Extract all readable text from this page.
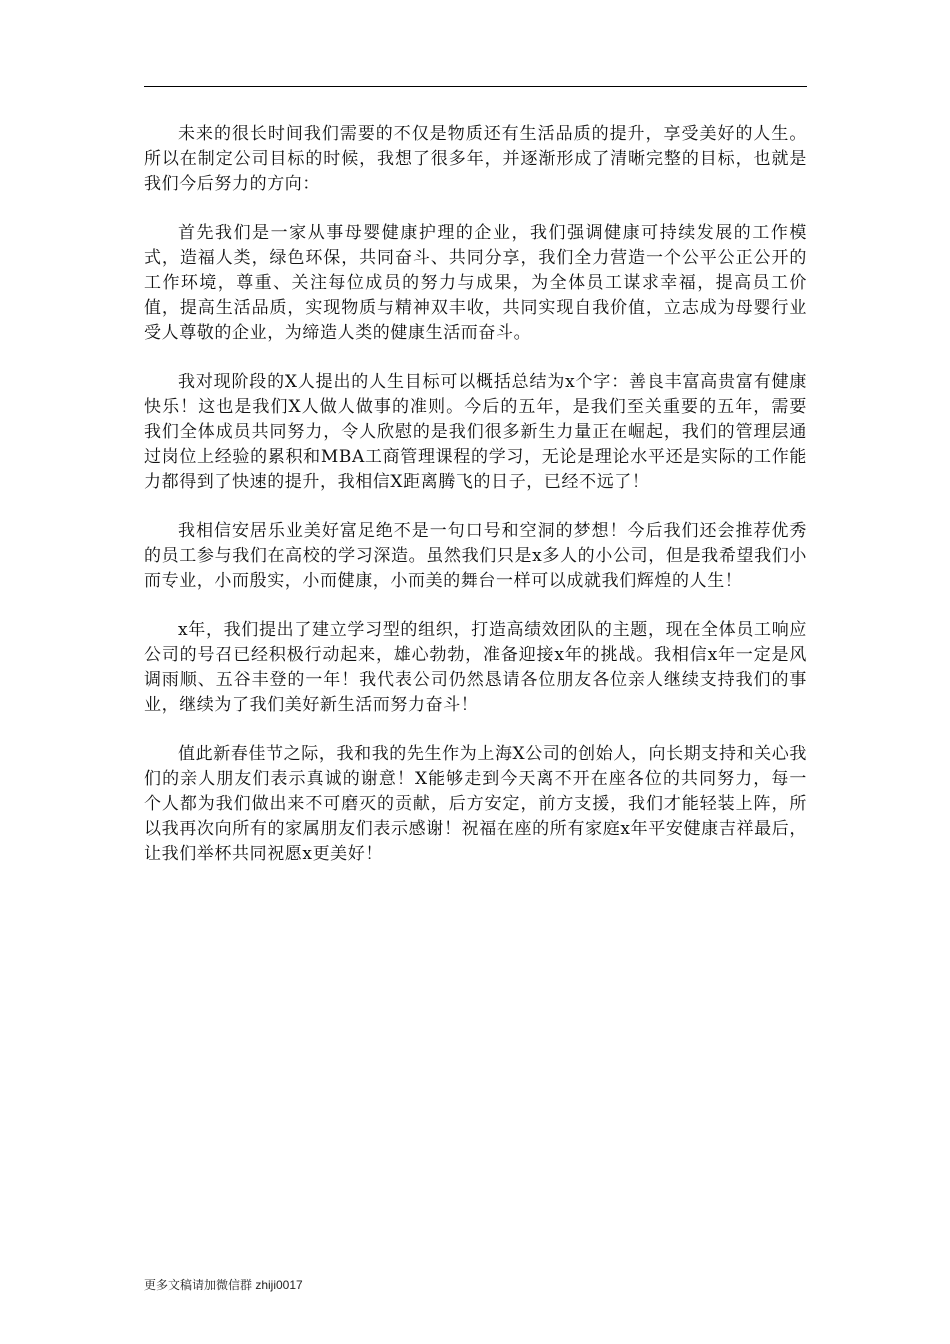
未来的很长时间我们需要的不仅是物质还有生活品质的提升，享受美好的人生。所以在制定公司目标的时候，我想了很多年，并逐渐形成了清晰完整的目标，也就是我们今后努力的方向：

首先我们是一家从事母婴健康护理的企业，我们强调健康可持续发展的工作模式，造福人类，绿色环保，共同奋斗、共同分享，我们全力营造一个公平公正公开的工作环境，尊重、关注每位成员的努力与成果，为全体员工谋求幸福，提高员工价值，提高生活品质，实现物质与精神双丰收，共同实现自我价值，立志成为母婴行业受人尊敬的企业，为缔造人类的健康生活而奋斗。

我对现阶段的X人提出的人生目标可以概括总结为x个字：善良丰富高贵富有健康快乐！这也是我们X人做人做事的准则。今后的五年，是我们至关重要的五年，需要我们全体成员共同努力，令人欣慰的是我们很多新生力量正在崛起，我们的管理层通过岗位上经验的累积和MBA工商管理课程的学习，无论是理论水平还是实际的工作能力都得到了快速的提升，我相信X距离腾飞的日子，已经不远了！

我相信安居乐业美好富足绝不是一句口号和空洞的梦想！今后我们还会推荐优秀的员工参与我们在高校的学习深造。虽然我们只是x多人的小公司，但是我希望我们小而专业，小而殷实，小而健康，小而美的舞台一样可以成就我们辉煌的人生！

x年，我们提出了建立学习型的组织，打造高绩效团队的主题，现在全体员工响应公司的号召已经积极行动起来，雄心勃勃，准备迎接x年的挑战。我相信x年一定是风调雨顺、五谷丰登的一年！我代表公司仍然恳请各位朋友各位亲人继续支持我们的事业，继续为了我们美好新生活而努力奋斗！

值此新春佳节之际，我和我的先生作为上海X公司的创始人，向长期支持和关心我们的亲人朋友们表示真诚的谢意！X能够走到今天离不开在座各位的共同努力，每一个人都为我们做出来不可磨灭的贡献，后方安定，前方支援，我们才能轻装上阵，所以我再次向所有的家属朋友们表示感谢！祝福在座的所有家庭x年平安健康吉祥最后，让我们举杯共同祝愿x更美好！

更多文稿请加微信群 zhiji0017
